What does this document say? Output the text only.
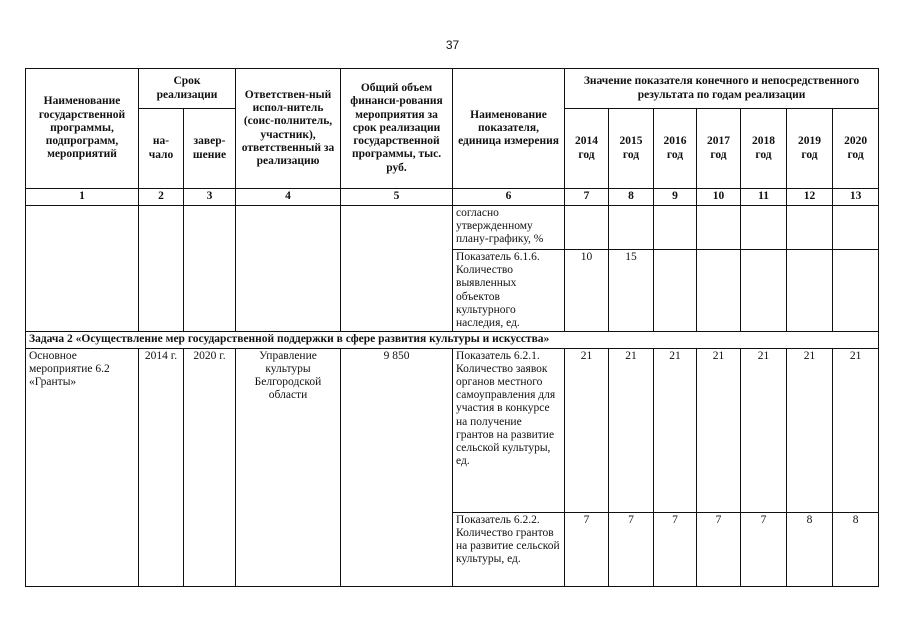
37
Наименование государственной программы, подпрограмм, мероприятий	Срок реализации		Ответствен-ный испол-нитель (соис-полнитель, участник), ответственный за реализацию	Общий объем финанси-рования мероприятия за срок реализации государственной программы, тыс. руб.	Наименование показателя, единица измерения	Значение показателя конечного и непосредственного результата по годам реализации						
	на-чало	завер-шение				2014 год	2015 год	2016 год	2017 год	2018 год	2019 год	2020 год
1	2	3	4	5	6	7	8	9	10	11	12	13
					согласно утвержденному плану-графику, %							
					Показатель 6.1.6. Количество выявленных объектов культурного наследия, ед.	10	15					
Задача 2 «Осуществление мер государственной поддержки в сфере развития культуры и искусства»												
Основное мероприятие 6.2 «Гранты»	2014 г.	2020 г.	Управление культуры Белгородской области	9 850	Показатель 6.2.1. Количество заявок органов местного самоуправления для участия в конкурсе на получение грантов на развитие сельской культуры, ед.	21	21	21	21	21	21	21
					Показатель 6.2.2. Количество грантов на развитие сельской культуры, ед.	7	7	7	7	7	8	8
